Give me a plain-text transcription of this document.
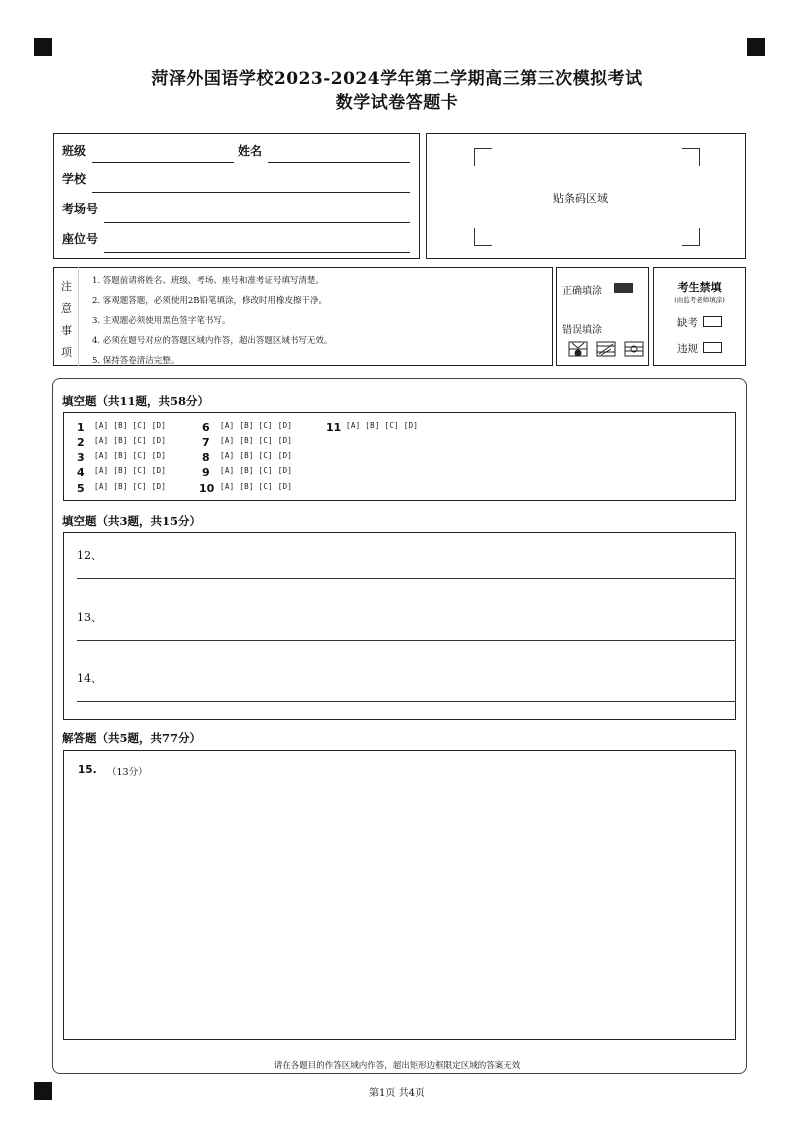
菏泽外国语学校2023-2024学年第二学期高三第三次模拟考试
数学试卷答题卡
班级	姓名
学校
考场号
座位号
贴条码区域
注
意
事
项
1. 答题前请将姓名、班级、考场、座号和准考证号填写清楚。
2. 客观题答题，必须使用2B铅笔填涂，修改时用橡皮擦干净。
3. 主观题必须使用黑色签字笔书写。
4. 必须在题号对应的答题区域内作答，超出答题区域书写无效。
5. 保持答卷清洁完整。
正确填涂
错误填涂
考生禁填
(由监考老师填涂)
缺考
违规
填空题（共11题，共58分）
1 [A] [B] [C] [D]
2 [A] [B] [C] [D]
3 [A] [B] [C] [D]
4 [A] [B] [C] [D]
5 [A] [B] [C] [D]
6 [A] [B] [C] [D]
7 [A] [B] [C] [D]
8 [A] [B] [C] [D]
9 [A] [B] [C] [D]
10 [A] [B] [C] [D]
11 [A] [B] [C] [D]
填空题（共3题，共15分）
12、
13、
14、
解答题（共5题，共77分）
15. （13分）
请在各题目的作答区域内作答，超出矩形边框限定区域的答案无效
第1页 共4页
